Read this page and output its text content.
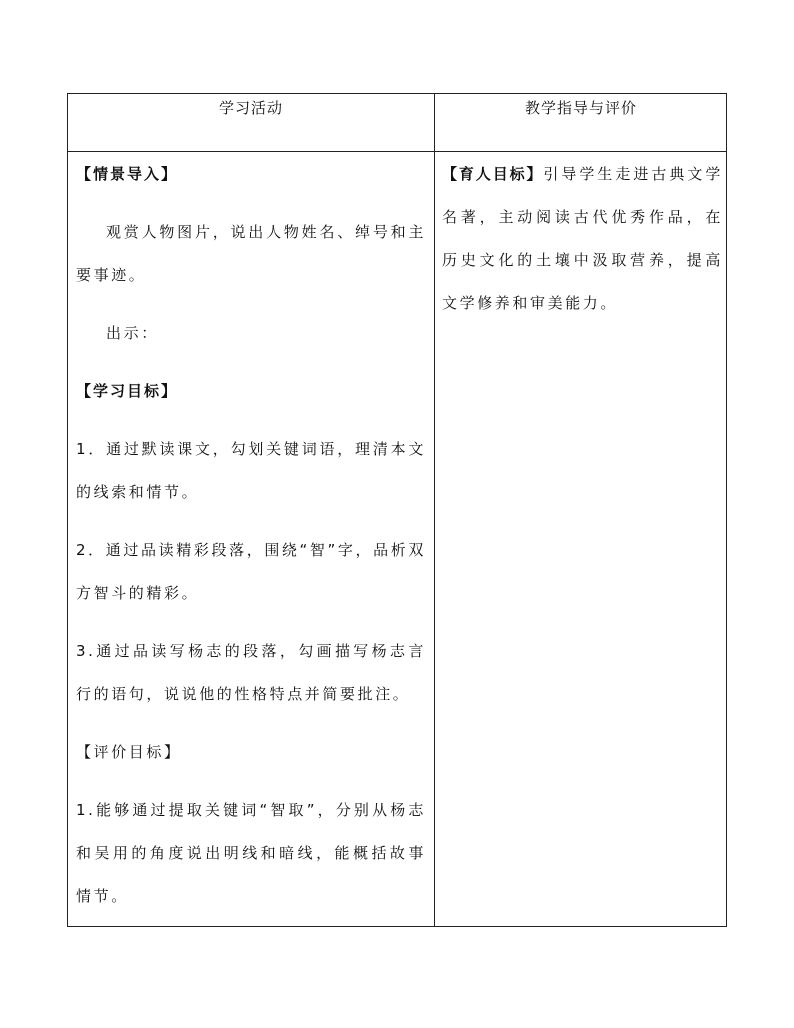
学习活动	教学指导与评价

【情景导入】

观赏人物图片，说出人物姓名、绰号和主要事迹。

出示：

【学习目标】

1．通过默读课文，勾划关键词语，理清本文的线索和情节。

2．通过品读精彩段落，围绕“智”字，品析双方智斗的精彩。

3.通过品读写杨志的段落，勾画描写杨志言行的语句，说说他的性格特点并简要批注。

【评价目标】

1.能够通过提取关键词“智取”，分别从杨志和吴用的角度说出明线和暗线，能概括故事情节。

【育人目标】引导学生走进古典文学名著，主动阅读古代优秀作品，在历史文化的土壤中汲取营养，提高文学修养和审美能力。
